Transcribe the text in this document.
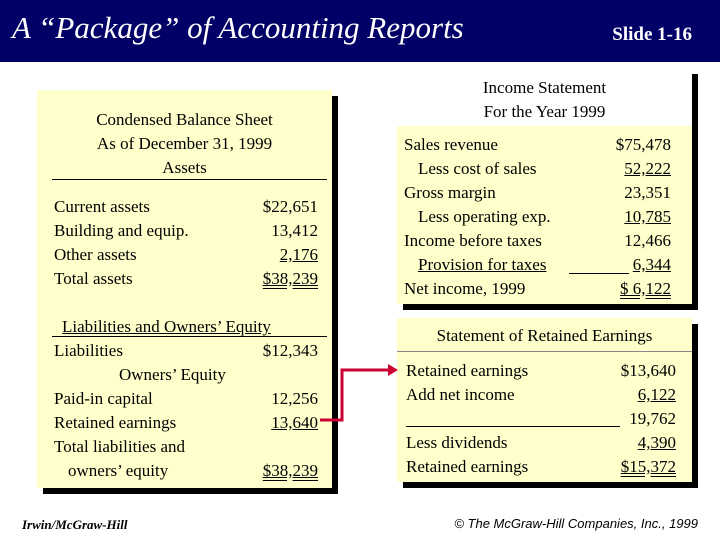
A “Package” of Accounting Reports	Slide 1-16
Condensed Balance Sheet
As of December 31, 1999
Assets
Current assets	$22,651
Building and equip.	13,412
Other assets	2,176
Total assets	$38,239
Liabilities and Owners’ Equity
Liabilities	$12,343
Owners’ Equity
Paid-in capital	12,256
Retained earnings	13,640
Total liabilities and
owners’ equity	$38,239
Income Statement
For the Year 1999
Sales revenue	$75,478
Less cost of sales	52,222
Gross margin	23,351
Less operating exp.	10,785
Income before taxes	12,466
Provision for taxes	6,344
Net income, 1999	$ 6,122
Statement of Retained Earnings
Retained earnings	$13,640
Add net income	6,122
19,762
Less dividends	4,390
Retained earnings	$15,372
Irwin/McGraw-Hill	© The McGraw-Hill Companies, Inc., 1999
